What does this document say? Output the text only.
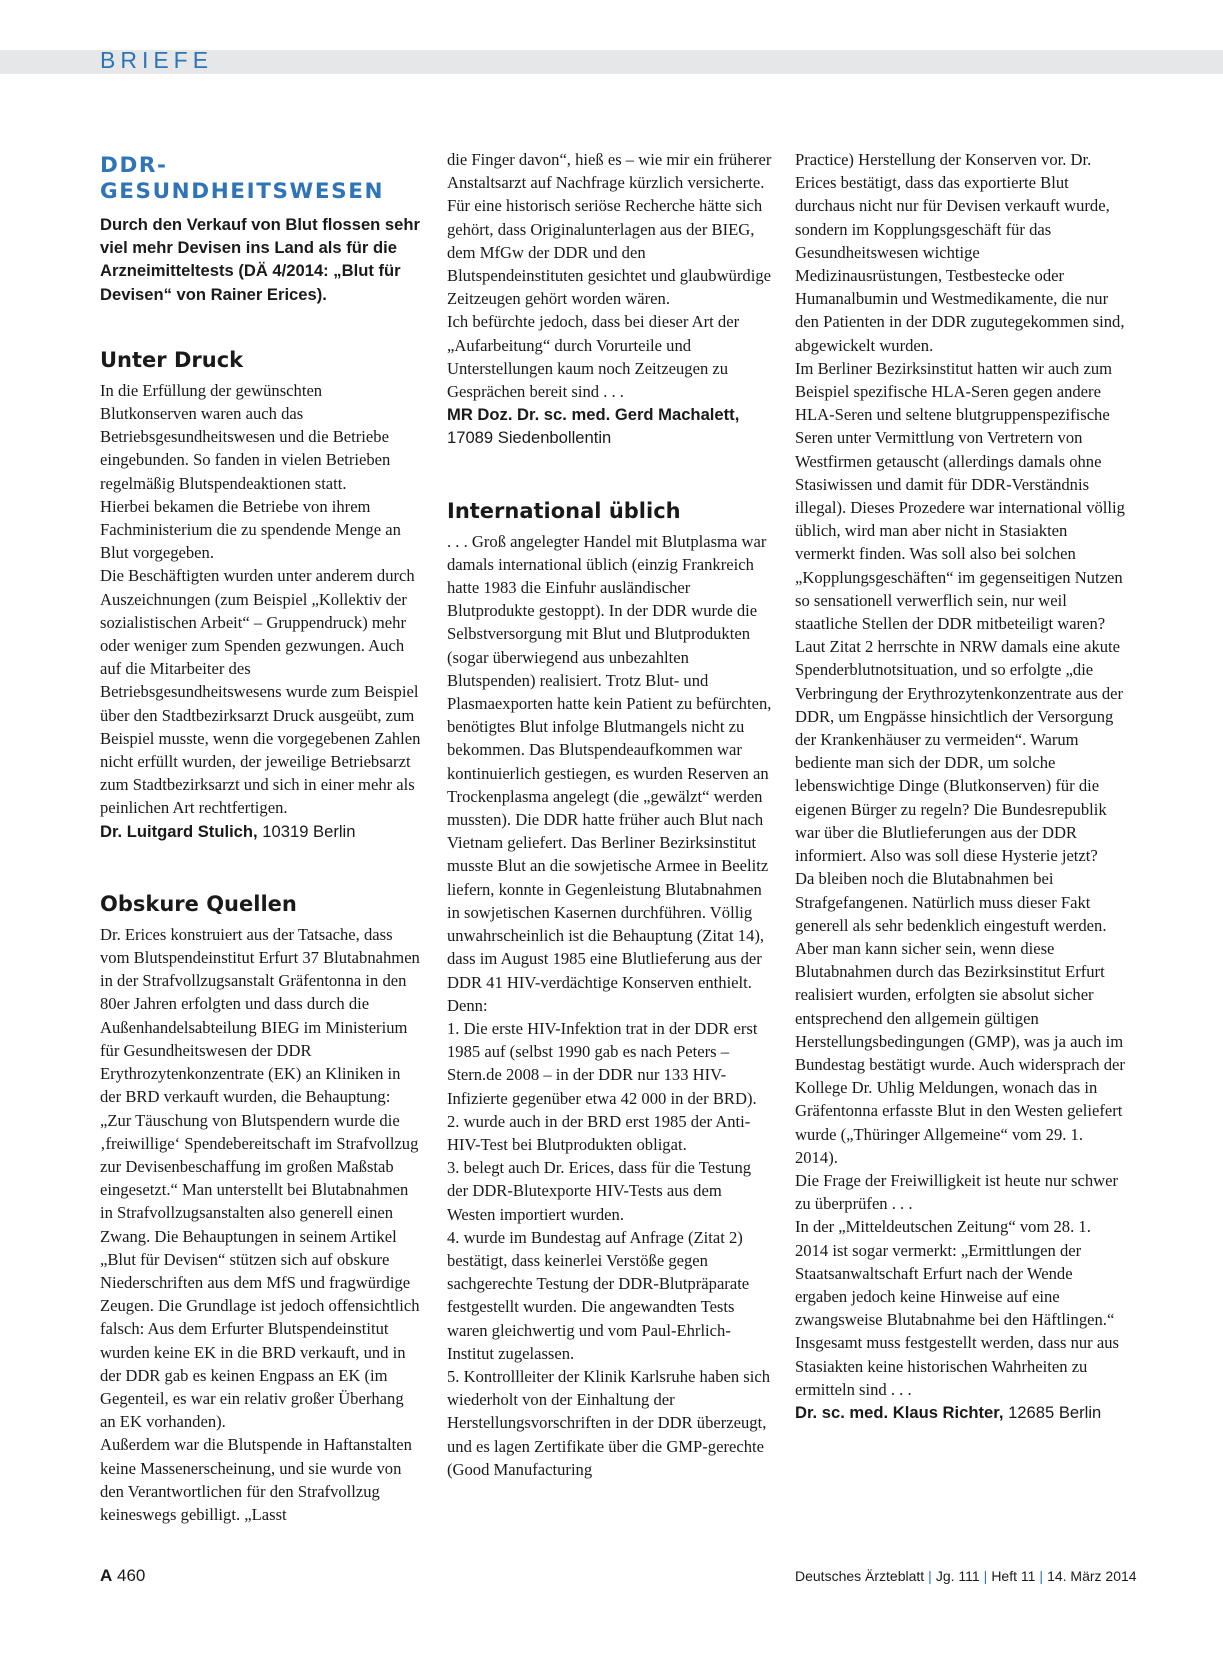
BRIEFE
DDR-GESUNDHEITSWESEN

Durch den Verkauf von Blut flossen sehr viel mehr Devisen ins Land als für die Arzneimitteltests (DÄ 4/2014: „Blut für Devisen“ von Rainer Erices).

Unter Druck

In die Erfüllung der gewünschten Blutkonserven waren auch das Betriebsgesundheitswesen und die Betriebe eingebunden. So fanden in vielen Betrieben regelmäßig Blutspendeaktionen statt.

Hierbei bekamen die Betriebe von ihrem Fachministerium die zu spendende Menge an Blut vorgegeben.

Die Beschäftigten wurden unter anderem durch Auszeichnungen (zum Beispiel „Kollektiv der sozialistischen Arbeit“ – Gruppendruck) mehr oder weniger zum Spenden gezwungen. Auch auf die Mitarbeiter des Betriebsgesundheitswesens wurde zum Beispiel über den Stadtbezirksarzt Druck ausgeübt, zum Beispiel musste, wenn die vorgegebenen Zahlen nicht erfüllt wurden, der jeweilige Betriebsarzt zum Stadtbezirksarzt und sich in einer mehr als peinlichen Art rechtfertigen.

Dr. Luitgard Stulich, 10319 Berlin

Obskure Quellen

Dr. Erices konstruiert aus der Tatsache, dass vom Blutspendeinstitut Erfurt 37 Blutabnahmen in der Strafvollzugsanstalt Gräfentonna in den 80er Jahren erfolgten und dass durch die Außenhandelsabteilung BIEG im Ministerium für Gesundheitswesen der DDR Erythrozytenkonzentrate (EK) an Kliniken in der BRD verkauft wurden, die Behauptung: „Zur Täuschung von Blutspendern wurde die ‚freiwillige‘ Spendebereitschaft im Strafvollzug zur Devisenbeschaffung im großen Maßstab eingesetzt.“ Man unterstellt bei Blutabnahmen in Strafvollzugsanstalten also generell einen Zwang. Die Behauptungen in seinem Artikel „Blut für Devisen“ stützen sich auf obskure Niederschriften aus dem MfS und fragwürdige Zeugen. Die Grundlage ist jedoch offensichtlich falsch: Aus dem Erfurter Blutspendeinstitut wurden keine EK in die BRD verkauft, und in der DDR gab es keinen Engpass an EK (im Gegenteil, es war ein relativ großer Überhang an EK vorhanden).

Außerdem war die Blutspende in Haftanstalten keine Massenerscheinung, und sie wurde von den Verantwortlichen für den Strafvollzug keineswegs gebilligt. „Lasst

die Finger davon“, hieß es – wie mir ein früherer Anstaltsarzt auf Nachfrage kürzlich versicherte. Für eine historisch seriöse Recherche hätte sich gehört, dass Originalunterlagen aus der BIEG, dem MfGw der DDR und den Blutspendeinstituten gesichtet und glaubwürdige Zeitzeugen gehört worden wären.

Ich befürchte jedoch, dass bei dieser Art der „Aufarbeitung“ durch Vorurteile und Unterstellungen kaum noch Zeitzeugen zu Gesprächen bereit sind . . .

MR Doz. Dr. sc. med. Gerd Machalett,
17089 Siedenbollentin

International üblich

. . . Groß angelegter Handel mit Blutplasma war damals international üblich (einzig Frankreich hatte 1983 die Einfuhr ausländischer Blutprodukte gestoppt). In der DDR wurde die Selbstversorgung mit Blut und Blutprodukten (sogar überwiegend aus unbezahlten Blutspenden) realisiert. Trotz Blut- und Plasmaexporten hatte kein Patient zu befürchten, benötigtes Blut infolge Blutmangels nicht zu bekommen. Das Blutspendeaufkommen war kontinuierlich gestiegen, es wurden Reserven an Trockenplasma angelegt (die „gewälzt“ werden mussten). Die DDR hatte früher auch Blut nach Vietnam geliefert. Das Berliner Bezirksinstitut musste Blut an die sowjetische Armee in Beelitz liefern, konnte in Gegenleistung Blutabnahmen in sowjetischen Kasernen durchführen. Völlig unwahrscheinlich ist die Behauptung (Zitat 14), dass im August 1985 eine Blutlieferung aus der DDR 41 HIV-verdächtige Konserven enthielt. Denn:

1. Die erste HIV-Infektion trat in der DDR erst 1985 auf (selbst 1990 gab es nach Peters – Stern.de 2008 – in der DDR nur 133 HIV-Infizierte gegenüber etwa 42 000 in der BRD).

2. wurde auch in der BRD erst 1985 der Anti-HIV-Test bei Blutprodukten obligat.

3. belegt auch Dr. Erices, dass für die Testung der DDR-Blutexporte HIV-Tests aus dem Westen importiert wurden.

4. wurde im Bundestag auf Anfrage (Zitat 2) bestätigt, dass keinerlei Verstöße gegen sachgerechte Testung der DDR-Blutpräparate festgestellt wurden. Die angewandten Tests waren gleichwertig und vom Paul-Ehrlich-Institut zugelassen.

5. Kontrollleiter der Klinik Karlsruhe haben sich wiederholt von der Einhaltung der Herstellungsvorschriften in der DDR überzeugt, und es lagen Zertifikate über die GMP-gerechte (Good Manufacturing

Practice) Herstellung der Konserven vor. Dr. Erices bestätigt, dass das exportierte Blut durchaus nicht nur für Devisen verkauft wurde, sondern im Kopplungsgeschäft für das Gesundheitswesen wichtige Medizinausrüstungen, Testbestecke oder Humanalbumin und Westmedikamente, die nur den Patienten in der DDR zugutegekommen sind, abgewickelt wurden.

Im Berliner Bezirksinstitut hatten wir auch zum Beispiel spezifische HLA-Seren gegen andere HLA-Seren und seltene blutgruppenspezifische Seren unter Vermittlung von Vertretern von Westfirmen getauscht (allerdings damals ohne Stasiwissen und damit für DDR-Verständnis illegal). Dieses Prozedere war international völlig üblich, wird man aber nicht in Stasiakten vermerkt finden. Was soll also bei solchen „Kopplungsgeschäften“ im gegenseitigen Nutzen so sensationell verwerflich sein, nur weil staatliche Stellen der DDR mitbeteiligt waren? Laut Zitat 2 herrschte in NRW damals eine akute Spenderblutnotsituation, und so erfolgte „die Verbringung der Erythrozytenkonzentrate aus der DDR, um Engpässe hinsichtlich der Versorgung der Krankenhäuser zu vermeiden“. Warum bediente man sich der DDR, um solche lebenswichtige Dinge (Blutkonserven) für die eigenen Bürger zu regeln? Die Bundesrepublik war über die Blutlieferungen aus der DDR informiert. Also was soll diese Hysterie jetzt?

Da bleiben noch die Blutabnahmen bei Strafgefangenen. Natürlich muss dieser Fakt generell als sehr bedenklich eingestuft werden. Aber man kann sicher sein, wenn diese Blutabnahmen durch das Bezirksinstitut Erfurt realisiert wurden, erfolgten sie absolut sicher entsprechend den allgemein gültigen Herstellungsbedingungen (GMP), was ja auch im Bundestag bestätigt wurde. Auch widersprach der Kollege Dr. Uhlig Meldungen, wonach das in Gräfentonna erfasste Blut in den Westen geliefert wurde („Thüringer Allgemeine“ vom 29. 1. 2014).

Die Frage der Freiwilligkeit ist heute nur schwer zu überprüfen . . .

In der „Mitteldeutschen Zeitung“ vom 28. 1. 2014 ist sogar vermerkt: „Ermittlungen der Staatsanwaltschaft Erfurt nach der Wende ergaben jedoch keine Hinweise auf eine zwangsweise Blutabnahme bei den Häftlingen.“

Insgesamt muss festgestellt werden, dass nur aus Stasiakten keine historischen Wahrheiten zu ermitteln sind . . .

Dr. sc. med. Klaus Richter, 12685 Berlin

A 460	Deutsches Ärzteblatt | Jg. 111 | Heft 11 | 14. März 2014
